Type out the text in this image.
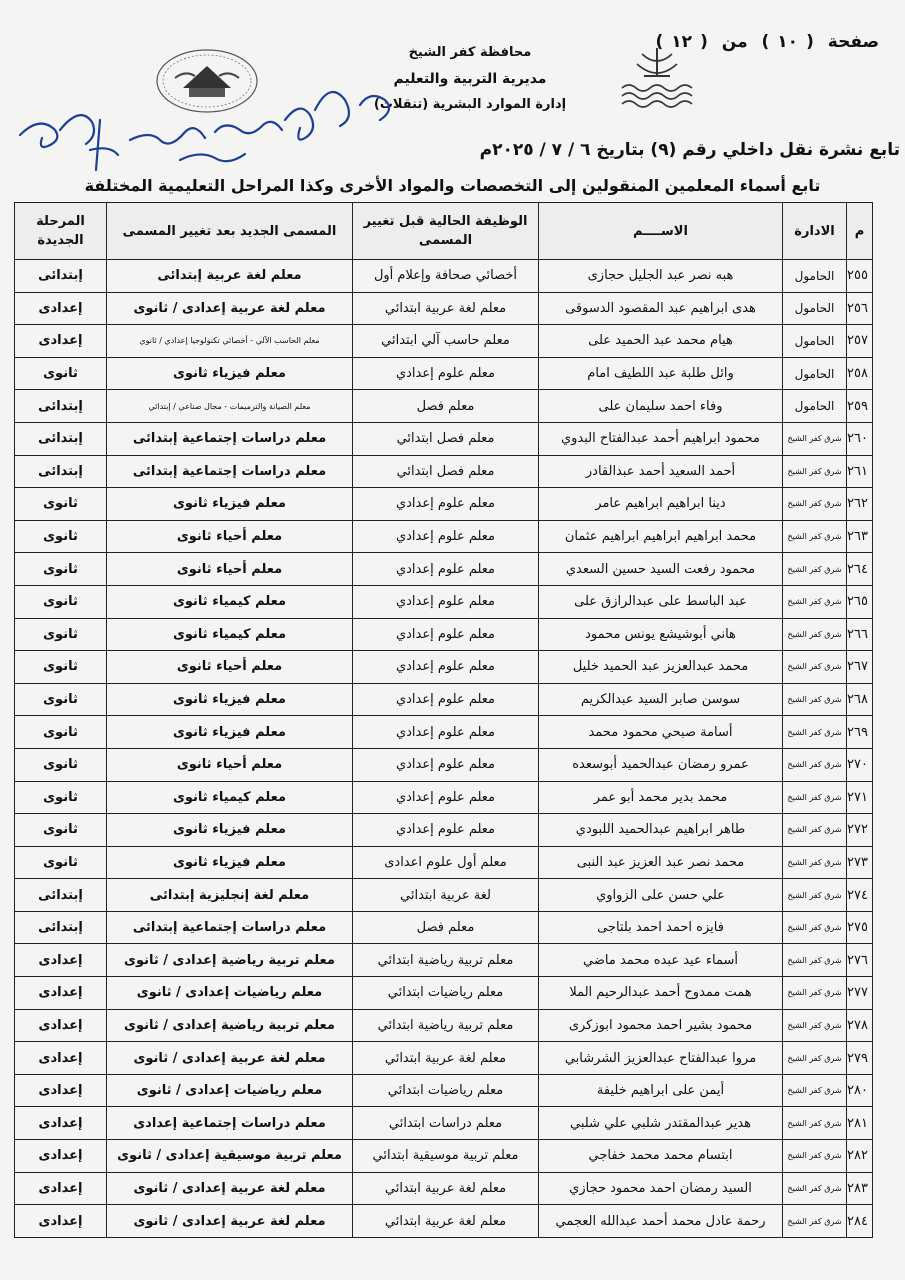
صفحة (١٠) من (١٢)
محافظة كفر الشيخ
مديرية التربية والتعليم
إدارة الموارد البشرية (تنقلات)
تابع نشرة نقل داخلي رقم (٩) بتاريخ ٦ / ٧ / ٢٠٢٥م
تابع أسماء المعلمين المنقولين إلى التخصصات والمواد الأخرى وكذا المراحل التعليمية المختلفة
م	الادارة	الاســــم	الوظيفة الحالية قبل تغيير المسمى	المسمى الجديد بعد تغيير المسمى	المرحلة الجديدة
٢٥٥	الحامول	هبه نصر عبد الجليل حجازى	أخصائي صحافة وإعلام أول	معلم لغة عربية إبتدائى	إبتدائى
٢٥٦	الحامول	هدى ابراهيم عبد المقصود الدسوقى	معلم لغة عربية ابتدائي	معلم لغة عربية إعدادى / ثانوى	إعدادى
٢٥٧	الحامول	هيام محمد عبد الحميد على	معلم حاسب آلي ابتدائي	معلم الحاسب الآلي - أخصائي تكنولوجيا إعدادي / ثانوي	إعدادى
٢٥٨	الحامول	وائل طلبة عبد اللطيف امام	معلم علوم إعدادي	معلم فيزياء ثانوى	ثانوى
٢٥٩	الحامول	وفاء احمد سليمان على	معلم فصل	معلم الصيانة والترميمات - مجال صناعي / إبتدائي	إبتدائى
٢٦٠	شرق كفر الشيخ	محمود ابراهيم أحمد عبدالفتاح البدوي	معلم فصل ابتدائي	معلم دراسات إجتماعية إبتدائى	إبتدائى
٢٦١	شرق كفر الشيخ	أحمد السعيد أحمد عبدالقادر	معلم فصل ابتدائي	معلم دراسات إجتماعية إبتدائى	إبتدائى
٢٦٢	شرق كفر الشيخ	دينا ابراهيم ابراهيم عامر	معلم علوم إعدادي	معلم فيزياء ثانوى	ثانوى
٢٦٣	شرق كفر الشيخ	محمد ابراهيم ابراهيم ابراهيم عثمان	معلم علوم إعدادي	معلم أحياء ثانوى	ثانوى
٢٦٤	شرق كفر الشيخ	محمود رفعت السيد حسين السعدي	معلم علوم إعدادي	معلم أحياء ثانوى	ثانوى
٢٦٥	شرق كفر الشيخ	عبد الباسط على عبدالرازق على	معلم علوم إعدادي	معلم كيمياء ثانوى	ثانوى
٢٦٦	شرق كفر الشيخ	هاني أبوشيشع يونس محمود	معلم علوم إعدادي	معلم كيمياء ثانوى	ثانوى
٢٦٧	شرق كفر الشيخ	محمد عبدالعزيز عبد الحميد خليل	معلم علوم إعدادي	معلم أحياء ثانوى	ثانوى
٢٦٨	شرق كفر الشيخ	سوسن صابر السيد عبدالكريم	معلم علوم إعدادي	معلم فيزياء ثانوى	ثانوى
٢٦٩	شرق كفر الشيخ	أسامة صبحي محمود محمد	معلم علوم إعدادي	معلم فيزياء ثانوى	ثانوى
٢٧٠	شرق كفر الشيخ	عمرو رمضان عبدالحميد أبوسعده	معلم علوم إعدادي	معلم أحياء ثانوى	ثانوى
٢٧١	شرق كفر الشيخ	محمد بدير محمد أبو عمر	معلم علوم إعدادي	معلم كيمياء ثانوى	ثانوى
٢٧٢	شرق كفر الشيخ	طاهر ابراهيم عبدالحميد اللبودي	معلم علوم إعدادي	معلم فيزياء ثانوى	ثانوى
٢٧٣	شرق كفر الشيخ	محمد نصر عبد العزيز عبد النبى	معلم أول علوم اعدادى	معلم فيزياء ثانوى	ثانوى
٢٧٤	شرق كفر الشيخ	علي حسن على الزواوي	لغة عربية ابتدائي	معلم لغة إنجليزية إبتدائى	إبتدائى
٢٧٥	شرق كفر الشيخ	فايزه احمد احمد بلتاجى	معلم فصل	معلم دراسات إجتماعية إبتدائى	إبتدائى
٢٧٦	شرق كفر الشيخ	أسماء عيد عبده محمد ماضي	معلم تربية رياضية ابتدائي	معلم تربية رياضية إعدادى / ثانوى	إعدادى
٢٧٧	شرق كفر الشيخ	همت ممدوح أحمد عبدالرحيم الملا	معلم رياضيات ابتدائي	معلم رياضيات إعدادى / ثانوى	إعدادى
٢٧٨	شرق كفر الشيخ	محمود بشير احمد محمود ابوزكرى	معلم تربية رياضية ابتدائي	معلم تربية رياضية إعدادى / ثانوى	إعدادى
٢٧٩	شرق كفر الشيخ	مروا عبدالفتاح عبدالعزيز الشرشابي	معلم لغة عربية ابتدائي	معلم لغة عربية إعدادى / ثانوى	إعدادى
٢٨٠	شرق كفر الشيخ	أيمن على ابراهيم خليفة	معلم رياضيات ابتدائي	معلم رياضيات إعدادى / ثانوى	إعدادى
٢٨١	شرق كفر الشيخ	هدير عبدالمقتدر شلبي علي شلبي	معلم دراسات ابتدائي	معلم دراسات إجتماعية إعدادى	إعدادى
٢٨٢	شرق كفر الشيخ	ابتسام محمد محمد خفاجي	معلم تربية موسيقية ابتدائي	معلم تربية موسيقية إعدادى / ثانوى	إعدادى
٢٨٣	شرق كفر الشيخ	السيد رمضان احمد محمود حجازي	معلم لغة عربية ابتدائي	معلم لغة عربية إعدادى / ثانوى	إعدادى
٢٨٤	شرق كفر الشيخ	رحمة عادل محمد أحمد عبدالله العجمي	معلم لغة عربية ابتدائي	معلم لغة عربية إعدادى / ثانوى	إعدادى
